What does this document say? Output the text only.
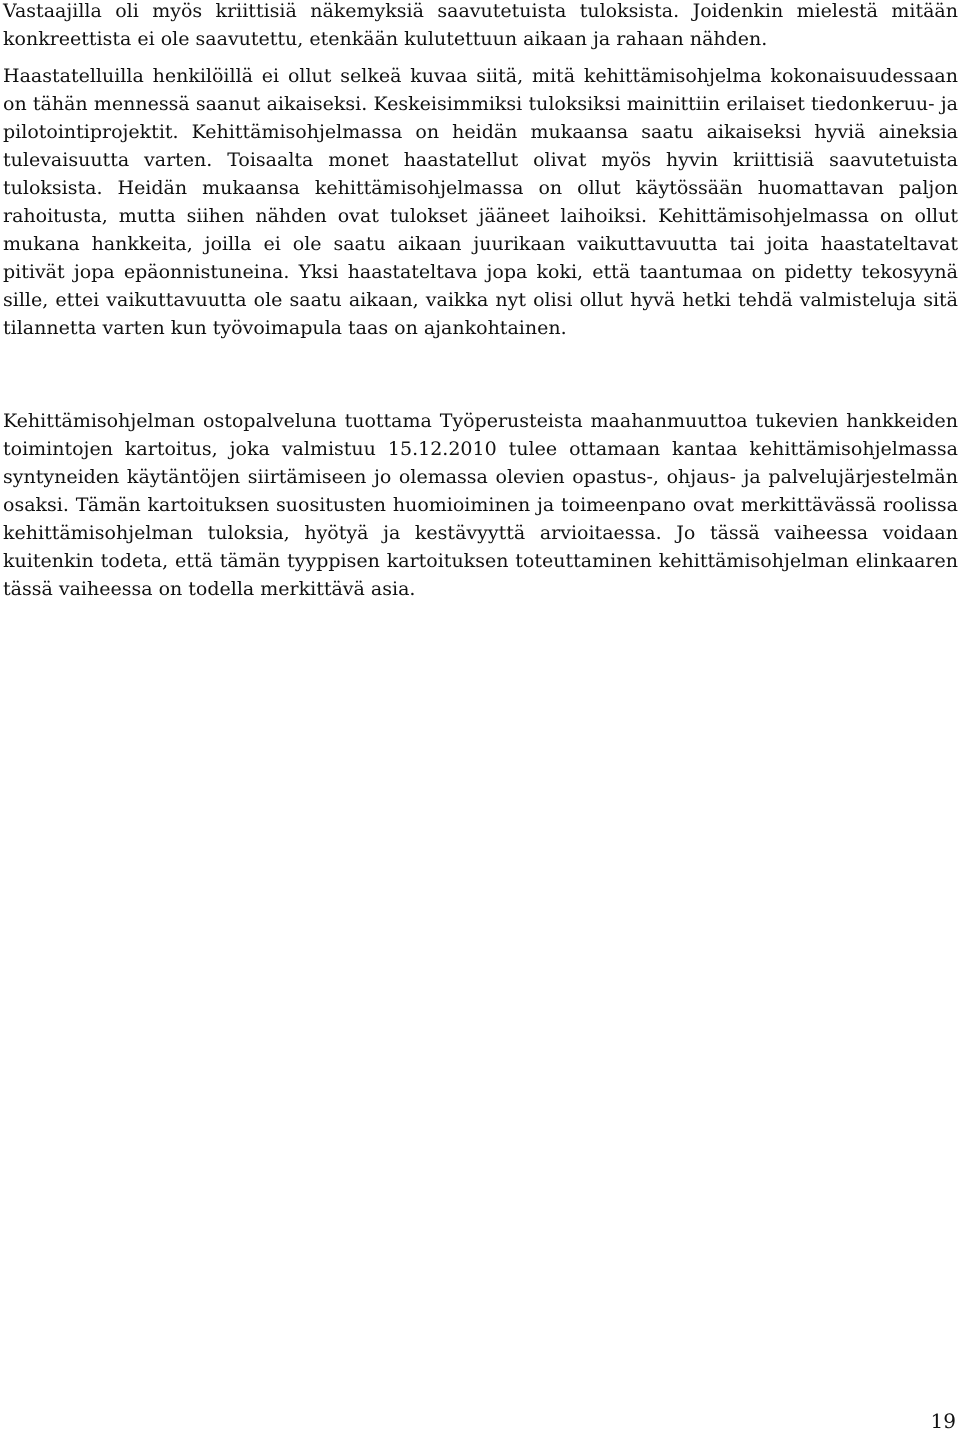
Vastaajilla oli myös kriittisiä näkemyksiä saavutetuista tuloksista. Joidenkin mielestä mitään konkreettista ei ole saavutettu, etenkään kulutettuun aikaan ja rahaan nähden.

Haastatelluilla henkilöillä ei ollut selkeä kuvaa siitä, mitä kehittämisohjelma kokonaisuudessaan on tähän mennessä saanut aikaiseksi. Keskeisimmiksi tuloksiksi mainittiin erilaiset tiedonkeruu- ja pilotointiprojektit. Kehittämisohjelmassa on heidän mukaansa saatu aikaiseksi hyviä aineksia tulevaisuutta varten. Toisaalta monet haastatellut olivat myös hyvin kriittisiä saavutetuista tuloksista. Heidän mukaansa kehittämisohjelmassa on ollut käytössään huomattavan paljon rahoitusta, mutta siihen nähden ovat tulokset jääneet laihoiksi. Kehittämisohjelmassa on ollut mukana hankkeita, joilla ei ole saatu aikaan juurikaan vaikuttavuutta tai joita haastateltavat pitivät jopa epäonnistuneina. Yksi haastateltava jopa koki, että taantumaa on pidetty tekosyynä sille, ettei vaikuttavuutta ole saatu aikaan, vaikka nyt olisi ollut hyvä hetki tehdä valmisteluja sitä tilannetta varten kun työvoimapula taas on ajankohtainen.

Kehittämisohjelman ostopalveluna tuottama Työperusteista maahanmuuttoa tukevien hankkeiden toimintojen kartoitus, joka valmistuu 15.12.2010 tulee ottamaan kantaa kehittämisohjelmassa syntyneiden käytäntöjen siirtämiseen jo olemassa olevien opastus-, ohjaus- ja palvelujärjestelmän osaksi. Tämän kartoituksen suositusten huomioiminen ja toimeenpano ovat merkittävässä roolissa kehittämisohjelman tuloksia, hyötyä ja kestävyyttä arvioitaessa. Jo tässä vaiheessa voidaan kuitenkin todeta, että tämän tyyppisen kartoituksen toteuttaminen kehittämisohjelman elinkaaren tässä vaiheessa on todella merkittävä asia.

19
